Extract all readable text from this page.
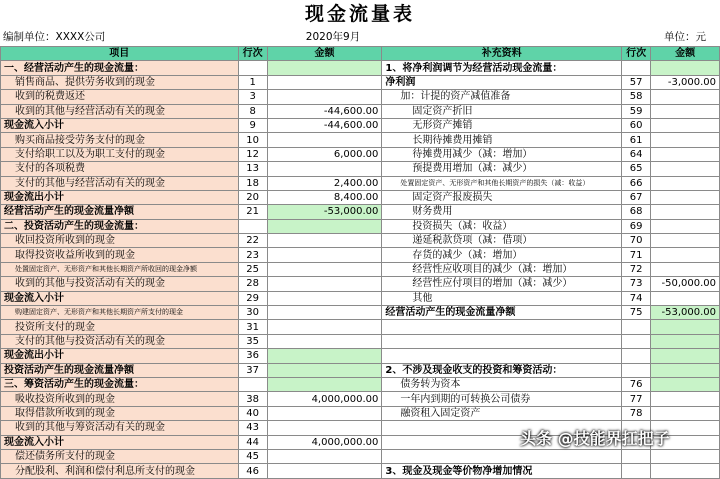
现金流量表
编制单位：XXXX公司	2020年9月	单位：元
项目	行次	金额	补充资料	行次	金额
一、经营活动产生的现金流量：			1、将净利润调节为经营活动现金流量：		
销售商品、提供劳务收到的现金	1		净利润	57	-3,000.00
收到的税费返还	3		加：计提的资产减值准备	58	
收到的其他与经营活动有关的现金	8	-44,600.00	固定资产折旧	59	
现金流入小计	9	-44,600.00	无形资产摊销	60	
购买商品接受劳务支付的现金	10		长期待摊费用摊销	61	
支付给职工以及为职工支付的现金	12	6,000.00	待摊费用减少（减：增加）	64	
支付的各项税费	13		预提费用增加（减：减少）	65	
支付的其他与经营活动有关的现金	18	2,400.00	处置固定资产、无形资产和其他长期资产的损失（减：收益）	66	
现金流出小计	20	8,400.00	固定资产报废损失	67	
经营活动产生的现金流量净额	21	-53,000.00	财务费用	68	
二、投资活动产生的现金流量：			投资损失（减：收益）	69	
收回投资所收到的现金	22		递延税款贷项（减：借项）	70	
取得投资收益所收到的现金	23		存货的减少（减：增加）	71	
处置固定资产、无形资产和其他长期资产所收回的现金净额	25		经营性应收项目的减少（减：增加）	72	
收到的其他与投资活动有关的现金	28		经营性应付项目的增加（减：减少）	73	-50,000.00
现金流入小计	29		其他	74	
购建固定资产、无形资产和其他长期资产所支付的现金	30		经营活动产生的现金流量净额	75	-53,000.00
投资所支付的现金	31				
支付的其他与投资活动有关的现金	35				
现金流出小计	36				
投资活动产生的现金流量净额	37		2、不涉及现金收支的投资和筹资活动：		
三、筹资活动产生的现金流量：			债务转为资本	76	
吸收投资所收到的现金	38	4,000,000.00	一年内到期的可转换公司债券	77	
取得借款所收到的现金	40		融资租入固定资产	78	
收到的其他与筹资活动有关的现金	43				
现金流入小计	44	4,000,000.00			
偿还债务所支付的现金	45				
分配股利、利润和偿付利息所支付的现金	46		3、现金及现金等价物净增加情况		
头条 @技能界扛把子
